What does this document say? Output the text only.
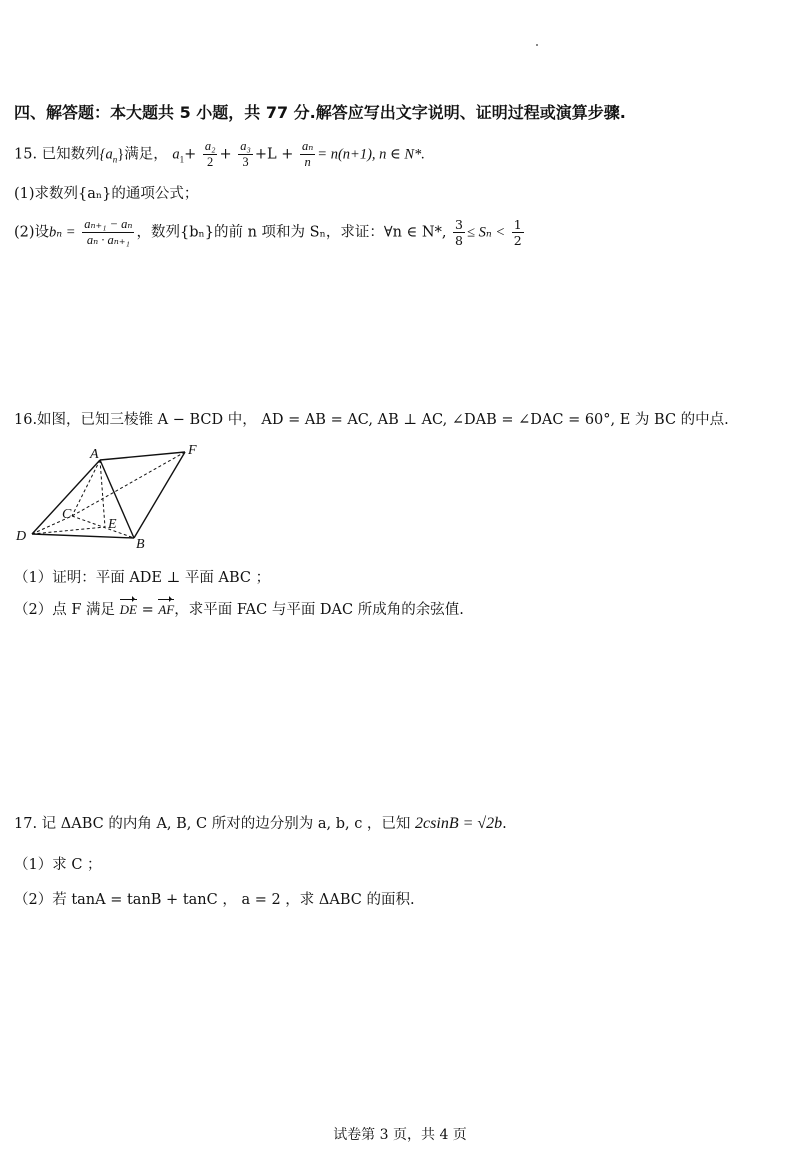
四、解答题：本大题共 5 小题，共 77 分.解答应写出文字说明、证明过程或演算步骤.
15. 已知数列$\{a_n\}$满足， $a_1+ \frac{\text{a₂}}{2} + \frac{\text{a₃}}{3} +L + \frac{\text{aₙ}}{n} = n(n+1)$, n ∈ N*.
(1)求数列{aₙ}的通项公式；
(2)设$b_n = \frac{\text{aₙ₊₁ − aₙ}}{\text{aₙ · aₙ₊₁}}$ ，数列{bₙ}的前 n 项和为 Sₙ，求证：∀n ∈ N*, $\frac{3}{8} \le S_n < \frac{1}{2}$
16.如图，已知三棱锥 A − BCD 中， AD = AB = AC, AB ⊥ AC, ∠DAB = ∠DAC = 60°, E 为 BC 的中点.
A	F
C
E
D
B
（1）证明：平面 ADE ⊥ 平面 ABC ；
（2）点 F 满足 DE = AF，求平面 FAC 与平面 DAC 所成角的余弦值.
17. 记 ΔABC 的内角 A, B, C 所对的边分别为 a, b, c ，已知 2csinB = √2b.
（1）求 C ；
（2）若 tanA = tanB + tanC ， a = 2 ，求 ΔABC 的面积.
试卷第 3 页，共 4 页
